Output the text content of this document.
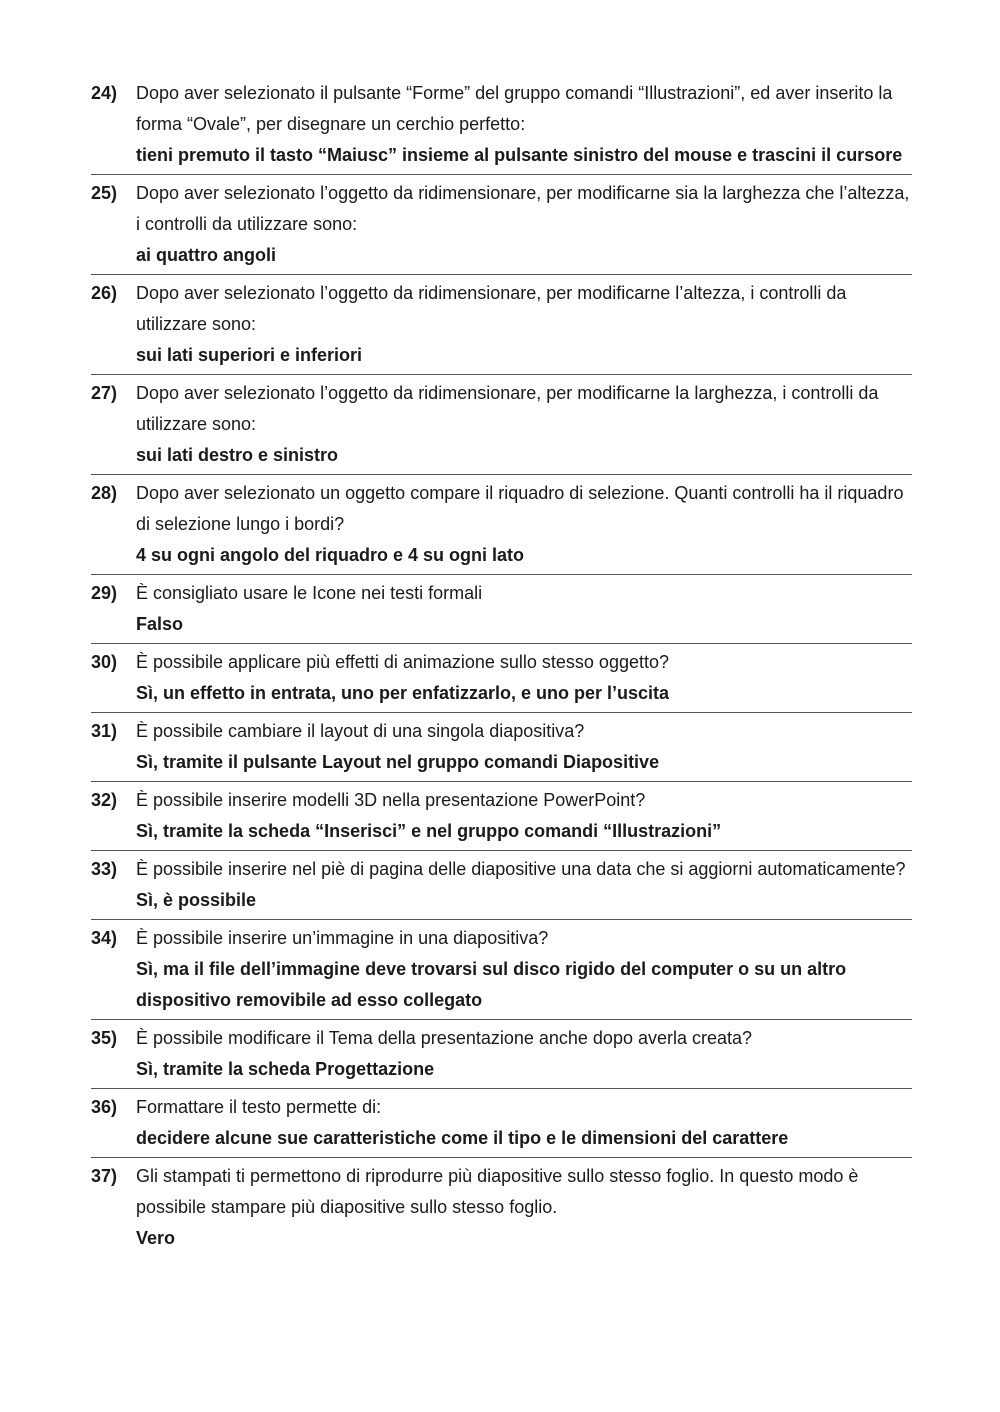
24)	Dopo aver selezionato il pulsante “Forme” del gruppo comandi “Illustrazioni”, ed aver inserito la forma “Ovale”, per disegnare un cerchio perfetto:
tieni premuto il tasto “Maiusc” insieme al pulsante sinistro del mouse e trascini il cursore
25)	Dopo aver selezionato l’oggetto da ridimensionare, per modificarne sia la larghezza che l’altezza, i controlli da utilizzare sono:
ai quattro angoli
26)	Dopo aver selezionato l’oggetto da ridimensionare, per modificarne l’altezza, i controlli da utilizzare sono:
sui lati superiori e inferiori
27)	Dopo aver selezionato l’oggetto da ridimensionare, per modificarne la larghezza, i controlli da utilizzare sono:
sui lati destro e sinistro
28)	Dopo aver selezionato un oggetto compare il riquadro di selezione. Quanti controlli ha il riquadro di selezione lungo i bordi?
4 su ogni angolo del riquadro e 4 su ogni lato
29)	È consigliato usare le Icone nei testi formali
Falso
30)	È possibile applicare più effetti di animazione sullo stesso oggetto?
Sì, un effetto in entrata, uno per enfatizzarlo, e uno per l’uscita
31)	È possibile cambiare il layout di una singola diapositiva?
Sì, tramite il pulsante Layout nel gruppo comandi Diapositive
32)	È possibile inserire modelli 3D nella presentazione PowerPoint?
Sì, tramite la scheda “Inserisci” e nel gruppo comandi “Illustrazioni”
33)	È possibile inserire nel piè di pagina delle diapositive una data che si aggiorni automaticamente?
Sì, è possibile
34)	È possibile inserire un’immagine in una diapositiva?
Sì, ma il file dell’immagine deve trovarsi sul disco rigido del computer o su un altro dispositivo removibile ad esso collegato
35)	È possibile modificare il Tema della presentazione anche dopo averla creata?
Sì, tramite la scheda Progettazione
36)	Formattare il testo permette di:
decidere alcune sue caratteristiche come il tipo e le dimensioni del carattere
37)	Gli stampati ti permettono di riprodurre più diapositive sullo stesso foglio. In questo modo è possibile stampare più diapositive sullo stesso foglio.
Vero
